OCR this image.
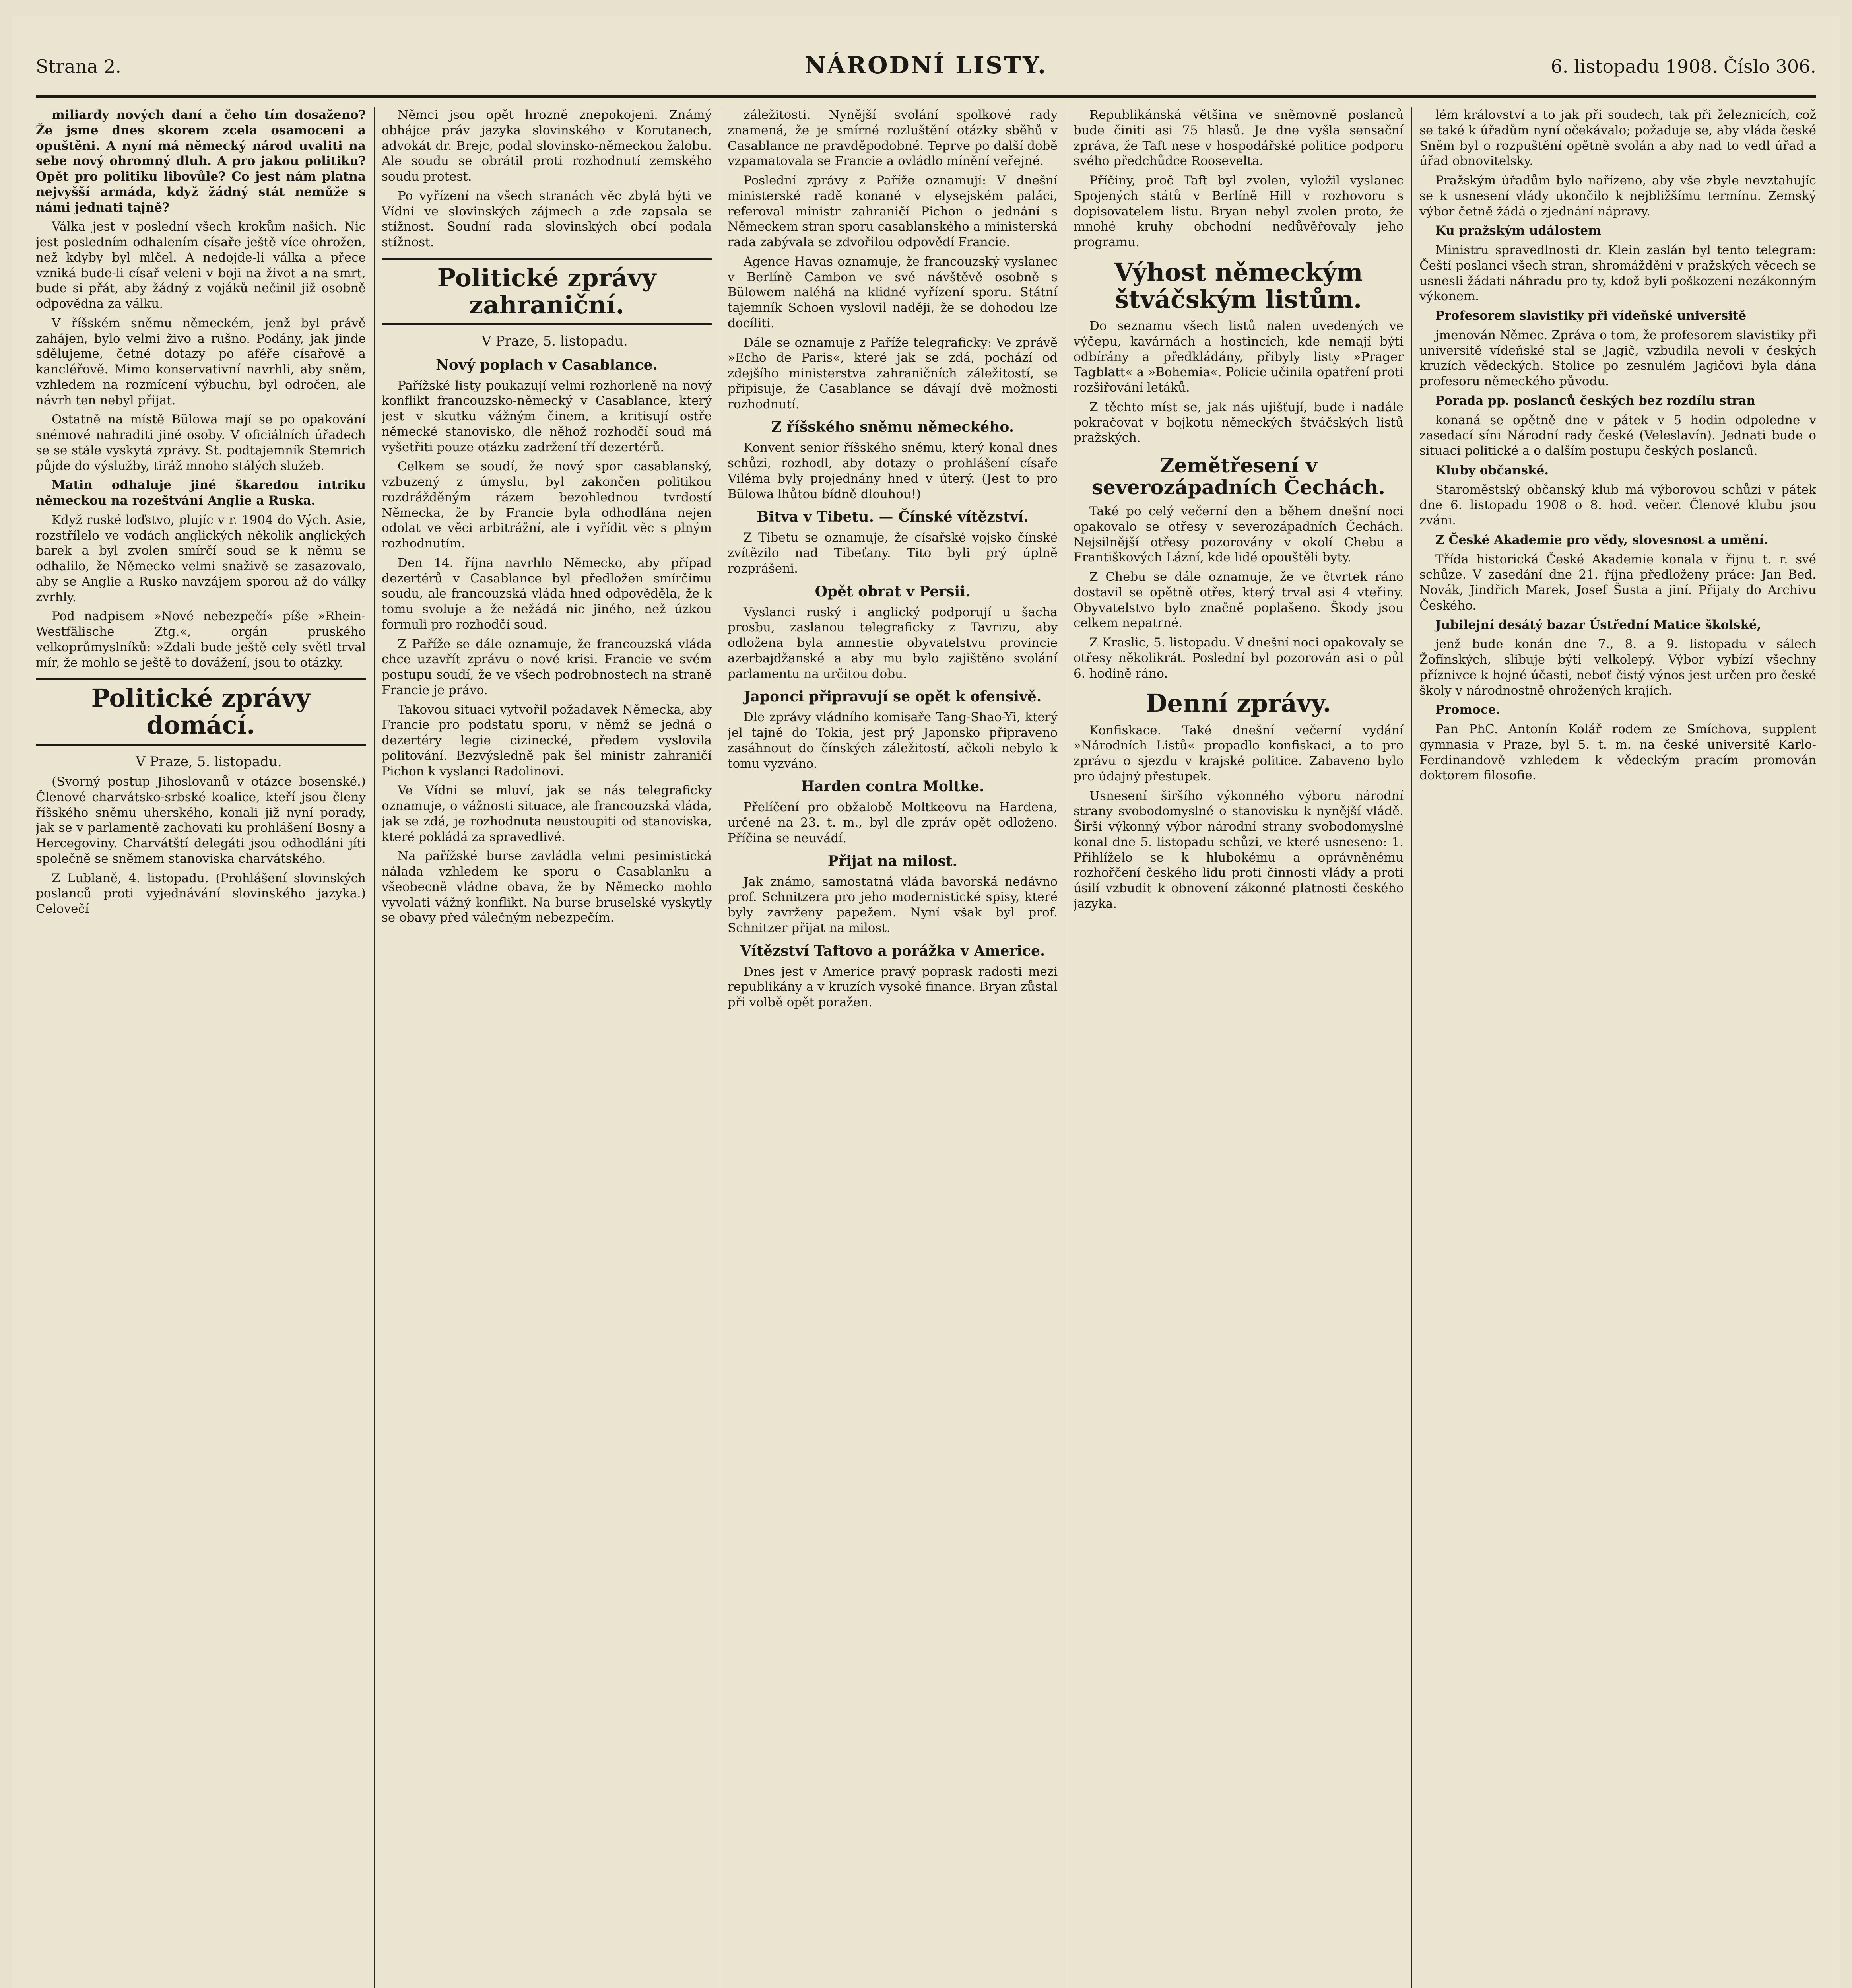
Strana 2.	NÁRODNÍ LISTY.	6. listopadu 1908. Číslo 306.

miliardy nových daní a čeho tím dosaženo? Že jsme dnes skorem zcela osamoceni a opuštěni. A nyní má německý národ uvaliti na sebe nový ohromný dluh. A pro jakou politiku? Opět pro politiku libovůle? Co jest nám platna nejvyšší armáda, když žádný stát nemůže s námi jednati tajně?

Válka jest v poslední všech krokům našich. Nic jest posledním odhalením císaře ještě více ohrožen, než kdyby byl mlčel. A nedojde-li válka a přece vzniká bude-li císař veleni v boji na život a na smrt, bude si přát, aby žádný z vojáků nečinil již osobně odpovědna za válku.

V říšském sněmu německém, jenž byl právě zahájen, bylo velmi živo a rušno. Podány, jak jinde sdělujeme, četné dotazy po aféře císařově a kancléřově. Mimo konservativní navrhli, aby sněm, vzhledem na rozmícení výbuchu, byl odročen, ale návrh ten nebyl přijat.

Ostatně na místě Bülowa mají se po opakování snémové nahraditi jiné osoby. V oficiálních úřadech se se stále vyskytá zprávy. St. podtajemník Stemrich půjde do výslužby, tiráž mnoho stálých služeb.

Matin odhaluje jiné škaredou intriku německou na rozeštvání Anglie a Ruska.

Když ruské loďstvo, plujíc v r. 1904 do Vých. Asie, rozstřílelo ve vodách anglických několik anglických barek a byl zvolen smírčí soud se k němu se odhalilo, že Německo velmi snaživě se zasazovalo, aby se Anglie a Rusko navzájem sporou až do války zvrhly.

Pod nadpisem »Nové nebezpečí« píše »Rhein-Westfälische Ztg.«, orgán pruského velkoprůmyslníků: »Zdali bude ještě cely světl trval mír, že mohlo se ještě to dovážení, jsou to otázky.

Politické zprávy domácí.

V Praze, 5. listopadu.

(Svorný postup Jihoslovanů v otázce bosenské.) Členové charvátsko-srbské koalice, kteří jsou členy říšského sněmu uherského, konali již nyní porady, jak se v parlamentě zachovati ku prohlášení Bosny a Hercegoviny. Charvátští delegáti jsou odhodláni jíti společně se sněmem stanoviska charvátského.

Z Lublaně, 4. listopadu. (Prohlášení slovinských poslanců proti vyjednávání slovinského jazyka.) Celovečí

Němci jsou opět hrozně znepokojeni. Známý obhájce práv jazyka slovinského v Korutanech, advokát dr. Brejc, podal slovinsko-německou žalobu. Ale soudu se obrátil proti rozhodnutí zemského soudu protest.

Po vyřízení na všech stranách věc zbylá býti ve Vídni ve slovinských zájmech a zde zapsala se stížnost. Soudní rada slovinských obcí podala stížnost.

Politické zprávy zahraniční.

V Praze, 5. listopadu.

Nový poplach v Casablance.

Pařížské listy poukazují velmi rozhorleně na nový konflikt francouzsko-německý v Casablance, který jest v skutku vážným činem, a kritisují ostře německé stanovisko, dle něhož rozhodčí soud má vyšetřiti pouze otázku zadržení tří dezertérů.

Celkem se soudí, že nový spor casablanský, vzbuzený z úmyslu, byl zakončen politikou rozdrážděným rázem bezohlednou tvrdostí Německa, že by Francie byla odhodlána nejen odolat ve věci arbitrážní, ale i vyřídit věc s plným rozhodnutím.

Den 14. října navrhlo Německo, aby případ dezertérů v Casablance byl předložen smírčímu soudu, ale francouzská vláda hned odpověděla, že k tomu svoluje a že nežádá nic jiného, než úzkou formuli pro rozhodčí soud.

Z Paříže se dále oznamuje, že francouzská vláda chce uzavřít zprávu o nové krisi. Francie ve svém postupu soudí, že ve všech podrobnostech na straně Francie je právo.

Takovou situaci vytvořil požadavek Německa, aby Francie pro podstatu sporu, v němž se jedná o dezertéry legie cizinecké, předem vyslovila politování. Bezvýsledně pak šel ministr zahraničí Pichon k vyslanci Radolinovi.

Ve Vídni se mluví, jak se nás telegraficky oznamuje, o vážnosti situace, ale francouzská vláda, jak se zdá, je rozhodnuta neustoupiti od stanoviska, které pokládá za spravedlivé.

Na pařížské burse zavládla velmi pesimistická nálada vzhledem ke sporu o Casablanku a všeobecně vládne obava, že by Německo mohlo vyvolati vážný konflikt. Na burse bruselské vyskytly se obavy před válečným nebezpečím.

záležitosti. Nynější svolání spolkové rady znamená, že je smírné rozluštění otázky sběhů v Casablance ne pravděpodobné. Teprve po další době vzpamatovala se Francie a ovládlo mínění veřejné.

Poslední zprávy z Paříže oznamují: V dnešní ministerské radě konané v elysejském paláci, referoval ministr zahraničí Pichon o jednání s Německem stran sporu casablanského a ministerská rada zabývala se zdvořilou odpovědí Francie.

Agence Havas oznamuje, že francouzský vyslanec v Berlíně Cambon ve své návštěvě osobně s Bülowem naléhá na klidné vyřízení sporu. Státní tajemník Schoen vyslovil naději, že se dohodou lze docíliti.

Dále se oznamuje z Paříže telegraficky: Ve zprávě »Echo de Paris«, které jak se zdá, pochází od zdejšího ministerstva zahraničních záležitostí, se připisuje, že Casablance se dávají dvě možnosti rozhodnutí.

Z říšského sněmu německého.

Konvent senior říšského sněmu, který konal dnes schůzi, rozhodl, aby dotazy o prohlášení císaře Viléma byly projednány hned v úterý. (Jest to pro Bülowa lhůtou bídně dlouhou!)

Bitva v Tibetu. — Čínské vítězství.

Z Tibetu se oznamuje, že císařské vojsko čínské zvítězilo nad Tibeťany. Tito byli prý úplně rozprášeni.

Opět obrat v Persii.

Vyslanci ruský i anglický podporují u šacha prosbu, zaslanou telegraficky z Tavrizu, aby odložena byla amnestie obyvatelstvu provincie azerbajdžanské a aby mu bylo zajištěno svolání parlamentu na určitou dobu.

Japonci připravují se opět k ofensivě.

Dle zprávy vládního komisaře Tang-Shao-Yi, který jel tajně do Tokia, jest prý Japonsko připraveno zasáhnout do čínských záležitostí, ačkoli nebylo k tomu vyzváno.

Harden contra Moltke.

Přelíčení pro obžalobě Moltkeovu na Hardena, určené na 23. t. m., byl dle zpráv opět odloženo. Příčina se neuvádí.

Přijat na milost.

Jak známo, samostatná vláda bavorská nedávno prof. Schnitzera pro jeho modernistické spisy, které byly zavrženy papežem. Nyní však byl prof. Schnitzer přijat na milost.

Vítězství Taftovo a porážka v Americe.

Dnes jest v Americe pravý poprask radosti mezi republikány a v kruzích vysoké finance. Bryan zůstal při volbě opět poražen.

Republikánská většina ve sněmovně poslanců bude činiti asi 75 hlasů. Je dne vyšla sensační zpráva, že Taft nese v hospodářské politice podporu svého předchůdce Roosevelta.

Příčiny, proč Taft byl zvolen, vyložil vyslanec Spojených států v Berlíně Hill v rozhovoru s dopisovatelem listu. Bryan nebyl zvolen proto, že mnohé kruhy obchodní nedůvěřovaly jeho programu.

Výhost německým štváčským listům.

Do seznamu všech listů nalen uvedených ve výčepu, kavárnách a hostincích, kde nemají býti odbírány a předkládány, přibyly listy »Prager Tagblatt« a »Bohemia«. Policie učinila opatření proti rozšiřování letáků.

Z těchto míst se, jak nás ujišťují, bude i nadále pokračovat v bojkotu německých štváčských listů pražských.

Zemětřesení v severozápadních Čechách.

Také po celý večerní den a během dnešní noci opakovalo se otřesy v severozápadních Čechách. Nejsilnější otřesy pozorovány v okolí Chebu a Františkových Lázní, kde lidé opouštěli byty.

Z Chebu se dále oznamuje, že ve čtvrtek ráno dostavil se opětně otřes, který trval asi 4 vteřiny. Obyvatelstvo bylo značně poplašeno. Škody jsou celkem nepatrné.

Z Kraslic, 5. listopadu. V dnešní noci opakovaly se otřesy několikrát. Poslední byl pozorován asi o půl 6. hodině ráno.

Denní zprávy.

Konfiskace. Také dnešní večerní vydání »Národních Listů« propadlo konfiskaci, a to pro zprávu o sjezdu v krajské politice. Zabaveno bylo pro údajný přestupek.

Usnesení širšího výkonného výboru národní strany svobodomyslné o stanovisku k nynější vládě. Širší výkonný výbor národní strany svobodomyslné konal dne 5. listopadu schůzi, ve které usneseno: 1. Přihlíželo se k hlubokému a oprávněnému rozhořčení českého lidu proti činnosti vlády a proti úsilí vzbudit k obnovení zákonné platnosti českého jazyka.

lém království a to jak při soudech, tak při železnicích, což se také k úřadům nyní očekávalo; požaduje se, aby vláda české Sněm byl o rozpuštění opětně svolán a aby nad to vedl úřad a úřad obnovitelsky.

Pražským úřadům bylo nařízeno, aby vše zbyle nevztahujíc se k usnesení vlády ukončilo k nejbližšímu termínu. Zemský výbor četně žádá o zjednání nápravy.

Ku pražským událostem

Ministru spravedlnosti dr. Klein zaslán byl tento telegram: Čeští poslanci všech stran, shromáždění v pražských věcech se usnesli žádati náhradu pro ty, kdož byli poškozeni nezákonným výkonem.

Profesorem slavistiky při vídeňské universitě

jmenován Němec. Zpráva o tom, že profesorem slavistiky při universitě vídeňské stal se Jagič, vzbudila nevoli v českých kruzích vědeckých. Stolice po zesnulém Jagičovi byla dána profesoru německého původu.

Porada pp. poslanců českých bez rozdílu stran

konaná se opětně dne v pátek v 5 hodin odpoledne v zasedací síni Národní rady české (Veleslavín). Jednati bude o situaci politické a o dalším postupu českých poslanců.

Kluby občanské.

Staroměstský občanský klub má výborovou schůzi v pátek dne 6. listopadu 1908 o 8. hod. večer. Členové klubu jsou zváni.

Z České Akademie pro vědy, slovesnost a umění.

Třída historická České Akademie konala v řijnu t. r. své schůze. V zasedání dne 21. října předloženy práce: Jan Bed. Novák, Jindřich Marek, Josef Šusta a jiní. Přijaty do Archivu Českého.

Jubilejní desátý bazar Ústřední Matice školské,

jenž bude konán dne 7., 8. a 9. listopadu v sálech Žofínských, slibuje býti velkolepý. Výbor vybízí všechny příznivce k hojné účasti, neboť čistý výnos jest určen pro české školy v národnostně ohrožených krajích.

Promoce.

Pan PhC. Antonín Kolář rodem ze Smíchova, supplent gymnasia v Praze, byl 5. t. m. na české universitě Karlo-Ferdinandově vzhledem k vědeckým pracím promován doktorem filosofie.
